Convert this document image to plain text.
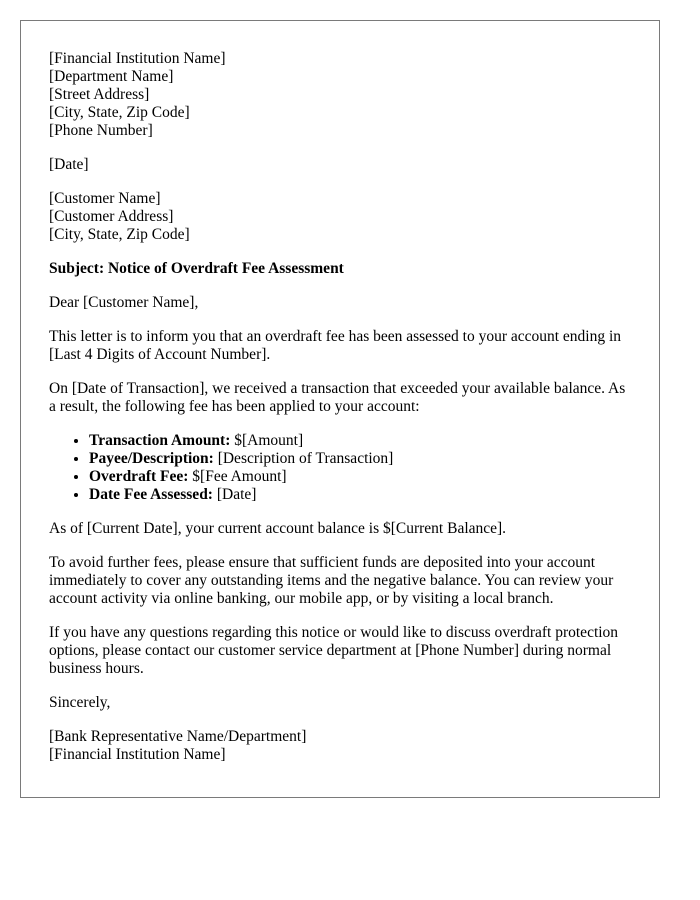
[Financial Institution Name]
[Department Name]
[Street Address]
[City, State, Zip Code]
[Phone Number]
[Date]
[Customer Name]
[Customer Address]
[City, State, Zip Code]

Subject: Notice of Overdraft Fee Assessment

Dear [Customer Name],

This letter is to inform you that an overdraft fee has been assessed to your account ending in [Last 4 Digits of Account Number].

On [Date of Transaction], we received a transaction that exceeded your available balance. As a result, the following fee has been applied to your account:

• Transaction Amount: $[Amount]
• Payee/Description: [Description of Transaction]
• Overdraft Fee: $[Fee Amount]
• Date Fee Assessed: [Date]

As of [Current Date], your current account balance is $[Current Balance].

To avoid further fees, please ensure that sufficient funds are deposited into your account immediately to cover any outstanding items and the negative balance. You can review your account activity via online banking, our mobile app, or by visiting a local branch.

If you have any questions regarding this notice or would like to discuss overdraft protection options, please contact our customer service department at [Phone Number] during normal business hours.

Sincerely,

[Bank Representative Name/Department]
[Financial Institution Name]
